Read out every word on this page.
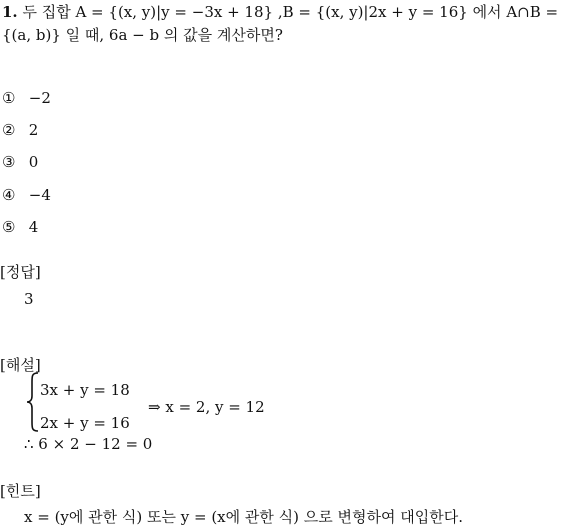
1. 두 집합 A = {(x, y)|y = −3x + 18} ,B = {(x, y)|2x + y = 16} 에서 A∩B =
{(a, b)} 일 때, 6a − b 의 값을 계산하면?
① −2
② 2
③ 0
④ −4
⑤ 4
[정답]
3
[해설]
3x + y = 18
2x + y = 16
⇒ x = 2, y = 12
∴ 6 × 2 − 12 = 0
[힌트]
x = (y에 관한 식) 또는 y = (x에 관한 식) 으로 변형하여 대입한다.
